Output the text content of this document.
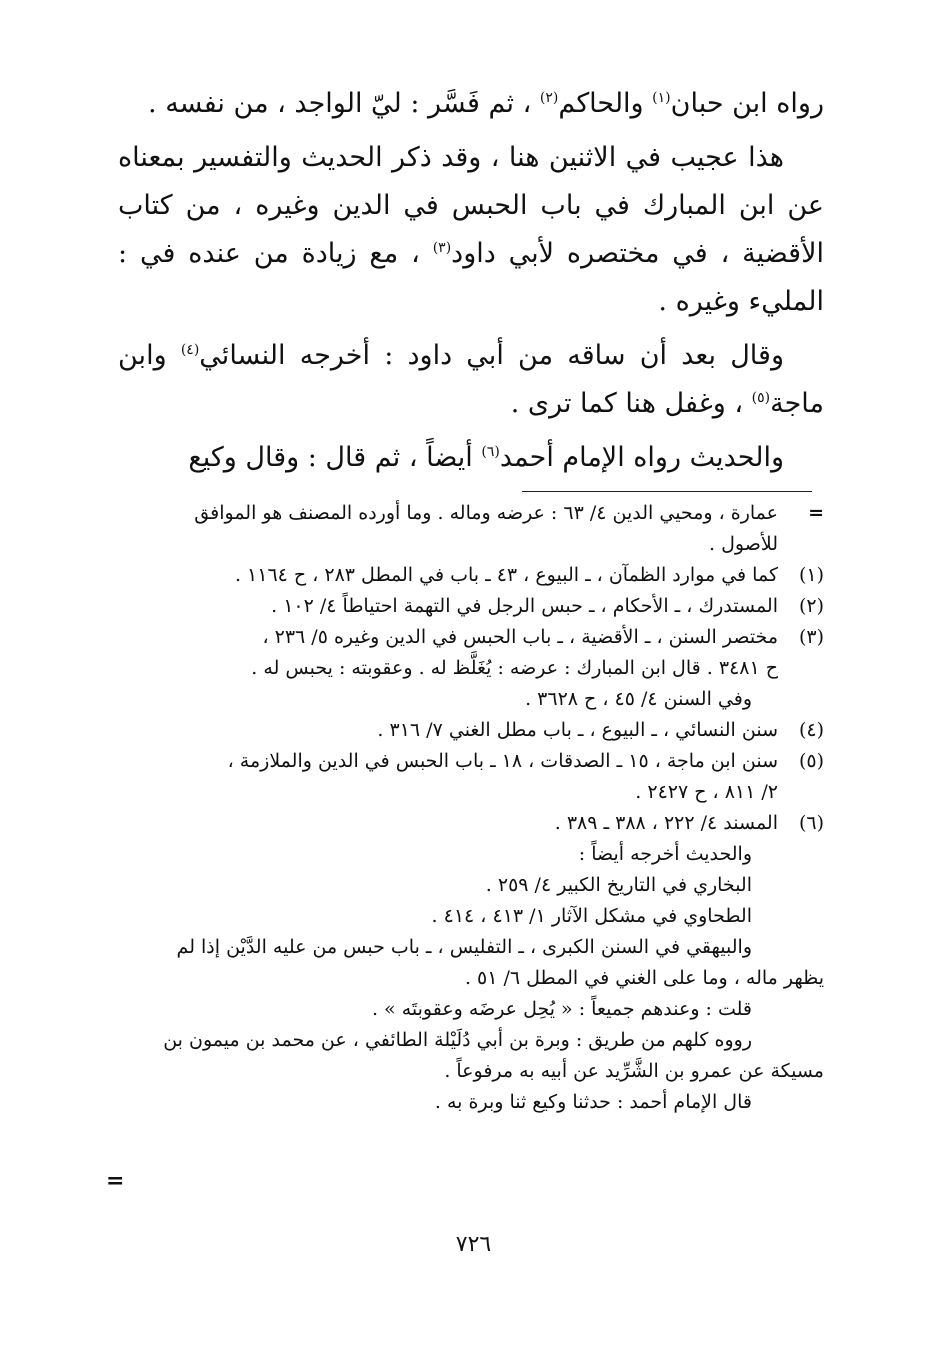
رواه ابن حبان$^{(١)}$ والحاكم$^{(٢)}$ ، ثم فَسَّر : ليّ الواجد ، من نفسه .

هذا عجيب في الاثنين هنا ، وقد ذكر الحديث والتفسير بمعناه عن ابن المبارك في باب الحبس في الدين وغيره ، من كتاب الأقضية ، في مختصره لأبي داود$^{(٣)}$ ، مع زيادة من عنده في : المليء وغيره .

وقال بعد أن ساقه من أبي داود : أخرجه النسائي$^{(٤)}$ وابن ماجة$^{(٥)}$ ، وغفل هنا كما ترى .

والحديث رواه الإمام أحمد$^{(٦)}$ أيضاً ، ثم قال : وقال وكيع

=
عمارة ، ومحيي الدين ٤/ ٦٣ : عرضه وماله . وما أورده المصنف هو الموافق
للأصول .
(١)
كما في موارد الظمآن ، ـ البيوع ، ٤٣ ـ باب في المطل ٢٨٣ ، ح ١١٦٤ .
(٢)
المستدرك ، ـ الأحكام ، ـ حبس الرجل في التهمة احتياطاً ٤/ ١٠٢ .
(٣)
مختصر السنن ، ـ الأقضية ، ـ باب الحبس في الدين وغيره ٥/ ٢٣٦ ،
ح ٣٤٨١ . قال ابن المبارك : عرضه : يُغَلَّظ له . وعقوبته : يحبس له .
وفي السنن ٤/ ٤٥ ، ح ٣٦٢٨ .
(٤)
سنن النسائي ، ـ البيوع ، ـ باب مطل الغني ٧/ ٣١٦ .
(٥)
سنن ابن ماجة ، ١٥ ـ الصدقات ، ١٨ ـ باب الحبس في الدين والملازمة ،
٢/ ٨١١ ، ح ٢٤٢٧ .
(٦)
المسند ٤/ ٢٢٢ ، ٣٨٨ ـ ٣٨٩ .
والحديث أخرجه أيضاً :
البخاري في التاريخ الكبير ٤/ ٢٥٩ .
الطحاوي في مشكل الآثار ١/ ٤١٣ ، ٤١٤ .
والبيهقي في السنن الكبرى ، ـ التفليس ، ـ باب حبس من عليه الدَّيْن إذا لم
يظهر ماله ، وما على الغني في المطل ٦/ ٥١ .
قلت : وعندهم جميعاً : « يُحِل عرضَه وعقوبتَه » .
رووه كلهم من طريق : وبرة بن أبي دُلَيْلة الطائفي ، عن محمد بن ميمون بن
مسيكة عن عمرو بن الشَّرِّيد عن أبيه به مرفوعاً .
قال الإمام أحمد : حدثنا وكيع ثنا وبرة به .
=
٧٢٦
